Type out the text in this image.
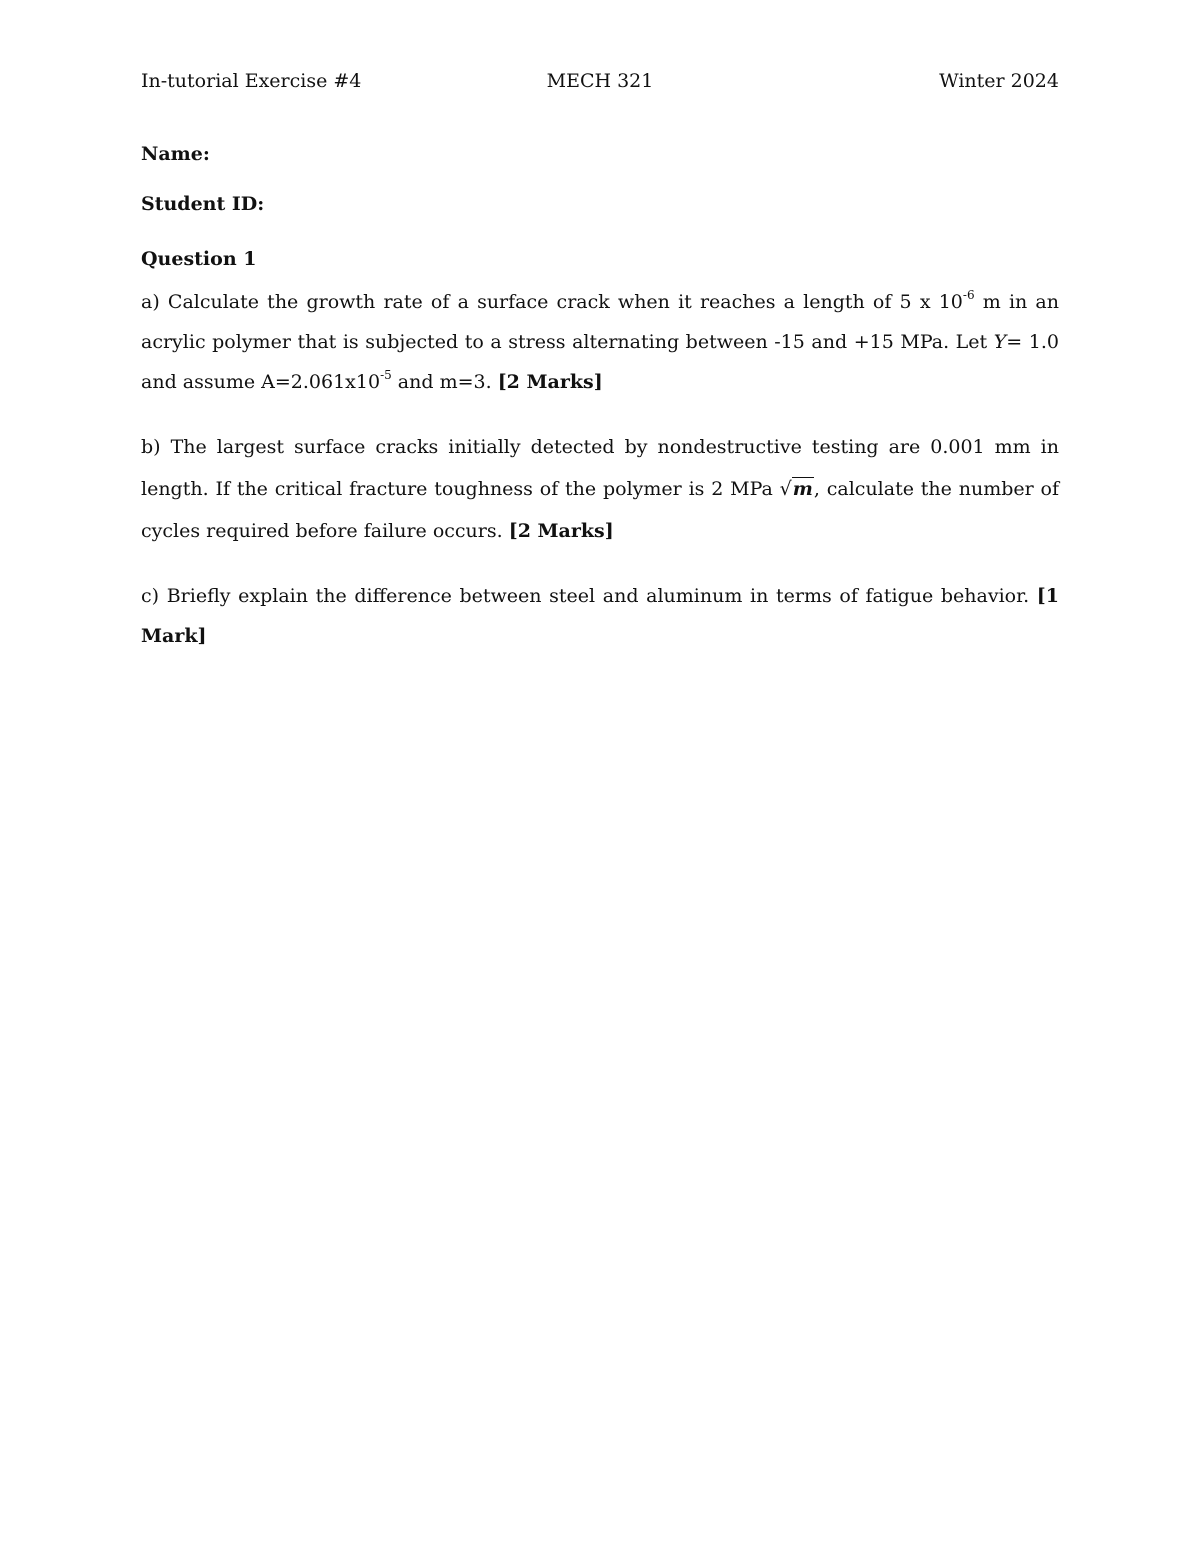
In-tutorial Exercise #4	MECH 321	Winter 2024
Name:
Student ID:
Question 1
a) Calculate the growth rate of a surface crack when it reaches a length of 5 x $10^{-6}$ m in an acrylic polymer that is subjected to a stress alternating between -15 and +15 MPa. Let Y= 1.0 and assume $A=2.061x10^{-5}$ and m=3. [2 Marks]
b) The largest surface cracks initially detected by nondestructive testing are 0.001 mm in length. If the critical fracture toughness of the polymer is 2 MPa √m, calculate the number of cycles required before failure occurs. [2 Marks]
c) Briefly explain the difference between steel and aluminum in terms of fatigue behavior. [1 Mark]
